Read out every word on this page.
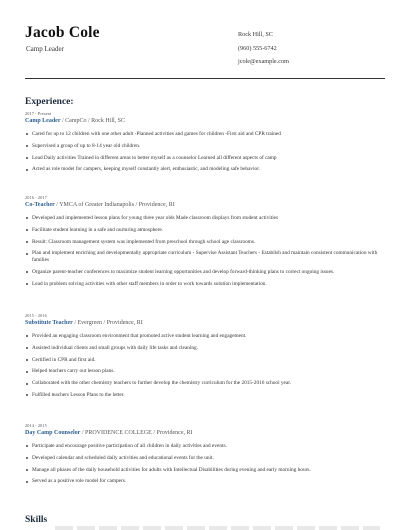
Jacob Cole
Camp Leader
Rock Hill, SC
(960) 555-6742
jcole@example.com
Experience:
2017 - Present
Camp Leader / CampCo / Rock Hill, SC
Cared for up to 12 children with one other adult -Planned activities and games for children -First aid and CPR trained
Supervised a group of up to 8-14 year old children.
Lead Daily activities Trained in different areas to better myself as a counselor Learned all different aspects of camp
Acted as role model for campers, keeping myself constantly alert, enthusiastic, and modeling safe behavior.
2016 - 2017
Co-Teacher / YMCA of Greater Indianapolis / Providence, RI
Developed and implemented lesson plans for young three year olds Made classroom displays from student activities
Facilitate student learning in a safe and nurturing atmosphere.
Result: Classroom management system was implemented from preschool through school age classrooms.
Plan and implement enriching and developmentally appropriate curriculum - Supervise Assistant Teachers - Establish and maintain consistent communication with families
Organize parent-teacher conferences to maximize student learning opportunities and develop forward-thinking plans to correct ongoing issues.
Lead in problem solving activities with other staff members in order to work towards solution implementation.
2015 - 2016
Substitute Teacher / Evergreen / Providence, RI
Provided an engaging classroom environment that promoted active student learning and engagement.
Assisted individual clients and small groups with daily life tasks and cleaning.
Certified in CPR and first aid.
Helped teachers carry out lesson plans.
Collaborated with the other chemistry teachers to further develop the chemistry curriculum for the 2015-2016 school year.
Fulfilled teachers Lesson Plans to the letter.
2014 - 2015
Day Camp Counselor / PROVIDENCE COLLEGE / Providence, RI
Participate and encourage positive participation of all children in daily activities and events.
Developed calendar and scheduled daily activities and educational events for the unit.
Manage all phases of the daily household activities for adults with Intellectual Disabilities during evening and early morning hours.
Served as a positive role model for campers.
Skills
